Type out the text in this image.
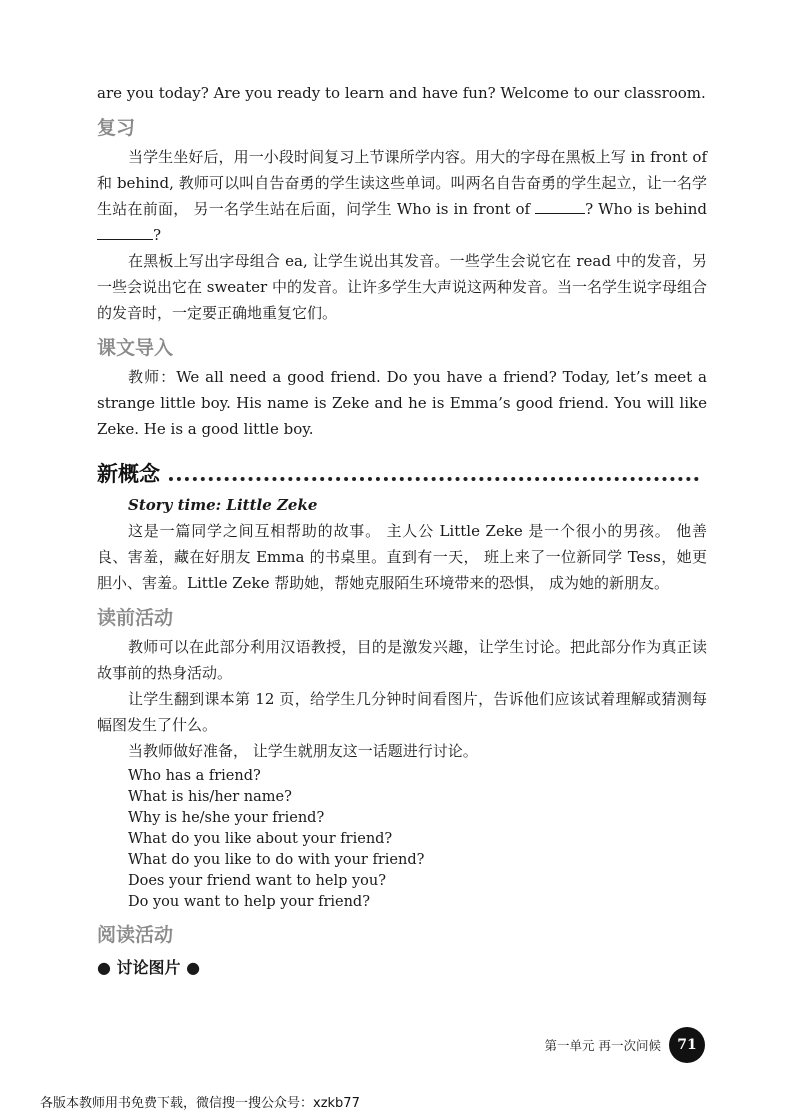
are you today? Are you ready to learn and have fun? Welcome to our classroom.

复习

当学生坐好后，用一小段时间复习上节课所学内容。用大的字母在黑板上写 in front of 和 behind, 教师可以叫自告奋勇的学生读这些单词。叫两名自告奋勇的学生起立，让一名学生站在前面， 另一名学生站在后面，问学生 Who is in front of	? Who is behind ?

在黑板上写出字母组合 ea, 让学生说出其发音。一些学生会说它在 read 中的发音，另一些会说出它在 sweater 中的发音。让许多学生大声说这两种发音。当一名学生说字母组合的发音时，一定要正确地重复它们。

课文导入

教师：We all need a good friend. Do you have a friend? Today, let’s meet a strange little boy. His name is Zeke and he is Emma’s good friend. You will like Zeke. He is a good little boy.

新概念

Story time: Little Zeke

这是一篇同学之间互相帮助的故事。 主人公 Little Zeke 是一个很小的男孩。 他善良、害羞，藏在好朋友 Emma 的书桌里。直到有一天， 班上来了一位新同学 Tess，她更胆小、害羞。Little Zeke 帮助她，帮她克服陌生环境带来的恐惧， 成为她的新朋友。

读前活动

教师可以在此部分利用汉语教授，目的是激发兴趣，让学生讨论。把此部分作为真正读故事前的热身活动。

让学生翻到课本第 12 页，给学生几分钟时间看图片，告诉他们应该试着理解或猜测每幅图发生了什么。

当教师做好准备， 让学生就朋友这一话题进行讨论。

Who has a friend?
What is his/her name?
Why is he/she your friend?
What do you like about your friend?
What do you like to do with your friend?
Does your friend want to help you?
Do you want to help your friend?
阅读活动
● 讨论图片 ●
第一单元 再一次问候	71
各版本教师用书免费下载，微信搜一搜公众号：xzkb77
